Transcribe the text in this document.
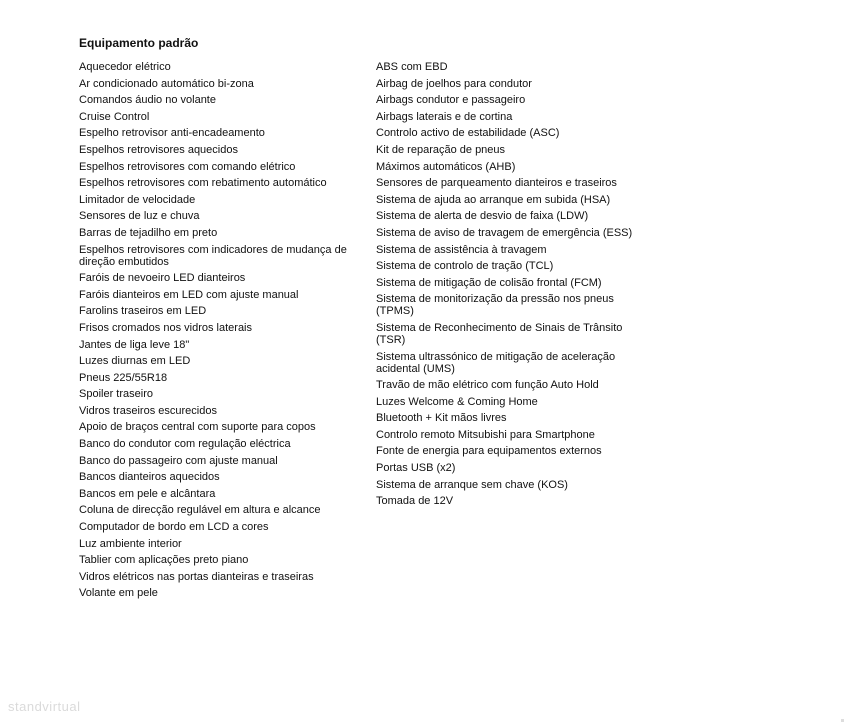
Equipamento padrão
Aquecedor elétrico
Ar condicionado automático bi-zona
Comandos áudio no volante
Cruise Control
Espelho retrovisor anti-encadeamento
Espelhos retrovisores aquecidos
Espelhos retrovisores com comando elétrico
Espelhos retrovisores com rebatimento automático
Limitador de velocidade
Sensores de luz e chuva
Barras de tejadilho em preto
Espelhos retrovisores com indicadores de mudança de direção embutidos
Faróis de nevoeiro LED dianteiros
Faróis dianteiros em LED com ajuste manual
Farolins traseiros em LED
Frisos cromados nos vidros laterais
Jantes de liga leve 18"
Luzes diurnas em LED
Pneus 225/55R18
Spoiler traseiro
Vidros traseiros escurecidos
Apoio de braços central com suporte para copos
Banco do condutor com regulação eléctrica
Banco do passageiro com ajuste manual
Bancos dianteiros aquecidos
Bancos em pele e alcântara
Coluna de direcção regulável em altura e alcance
Computador de bordo em LCD a cores
Luz ambiente interior
Tablier com aplicações preto piano
Vidros elétricos nas portas dianteiras e traseiras
Volante em pele
ABS com EBD
Airbag de joelhos para condutor
Airbags condutor e passageiro
Airbags laterais e de cortina
Controlo activo de estabilidade (ASC)
Kit de reparação de pneus
Máximos automáticos (AHB)
Sensores de parqueamento dianteiros e traseiros
Sistema de ajuda ao arranque em subida (HSA)
Sistema de alerta de desvio de faixa (LDW)
Sistema de aviso de travagem de emergência (ESS)
Sistema de assistência à travagem
Sistema de controlo de tração (TCL)
Sistema de mitigação de colisão frontal (FCM)
Sistema de monitorização da pressão nos pneus (TPMS)
Sistema de Reconhecimento de Sinais de Trânsito (TSR)
Sistema ultrassónico de mitigação de aceleração acidental (UMS)
Travão de mão elétrico com função Auto Hold
Luzes Welcome & Coming Home
Bluetooth + Kit mãos livres
Controlo remoto Mitsubishi para Smartphone
Fonte de energia para equipamentos externos
Portas USB (x2)
Sistema de arranque sem chave (KOS)
Tomada de 12V
standvirtual
